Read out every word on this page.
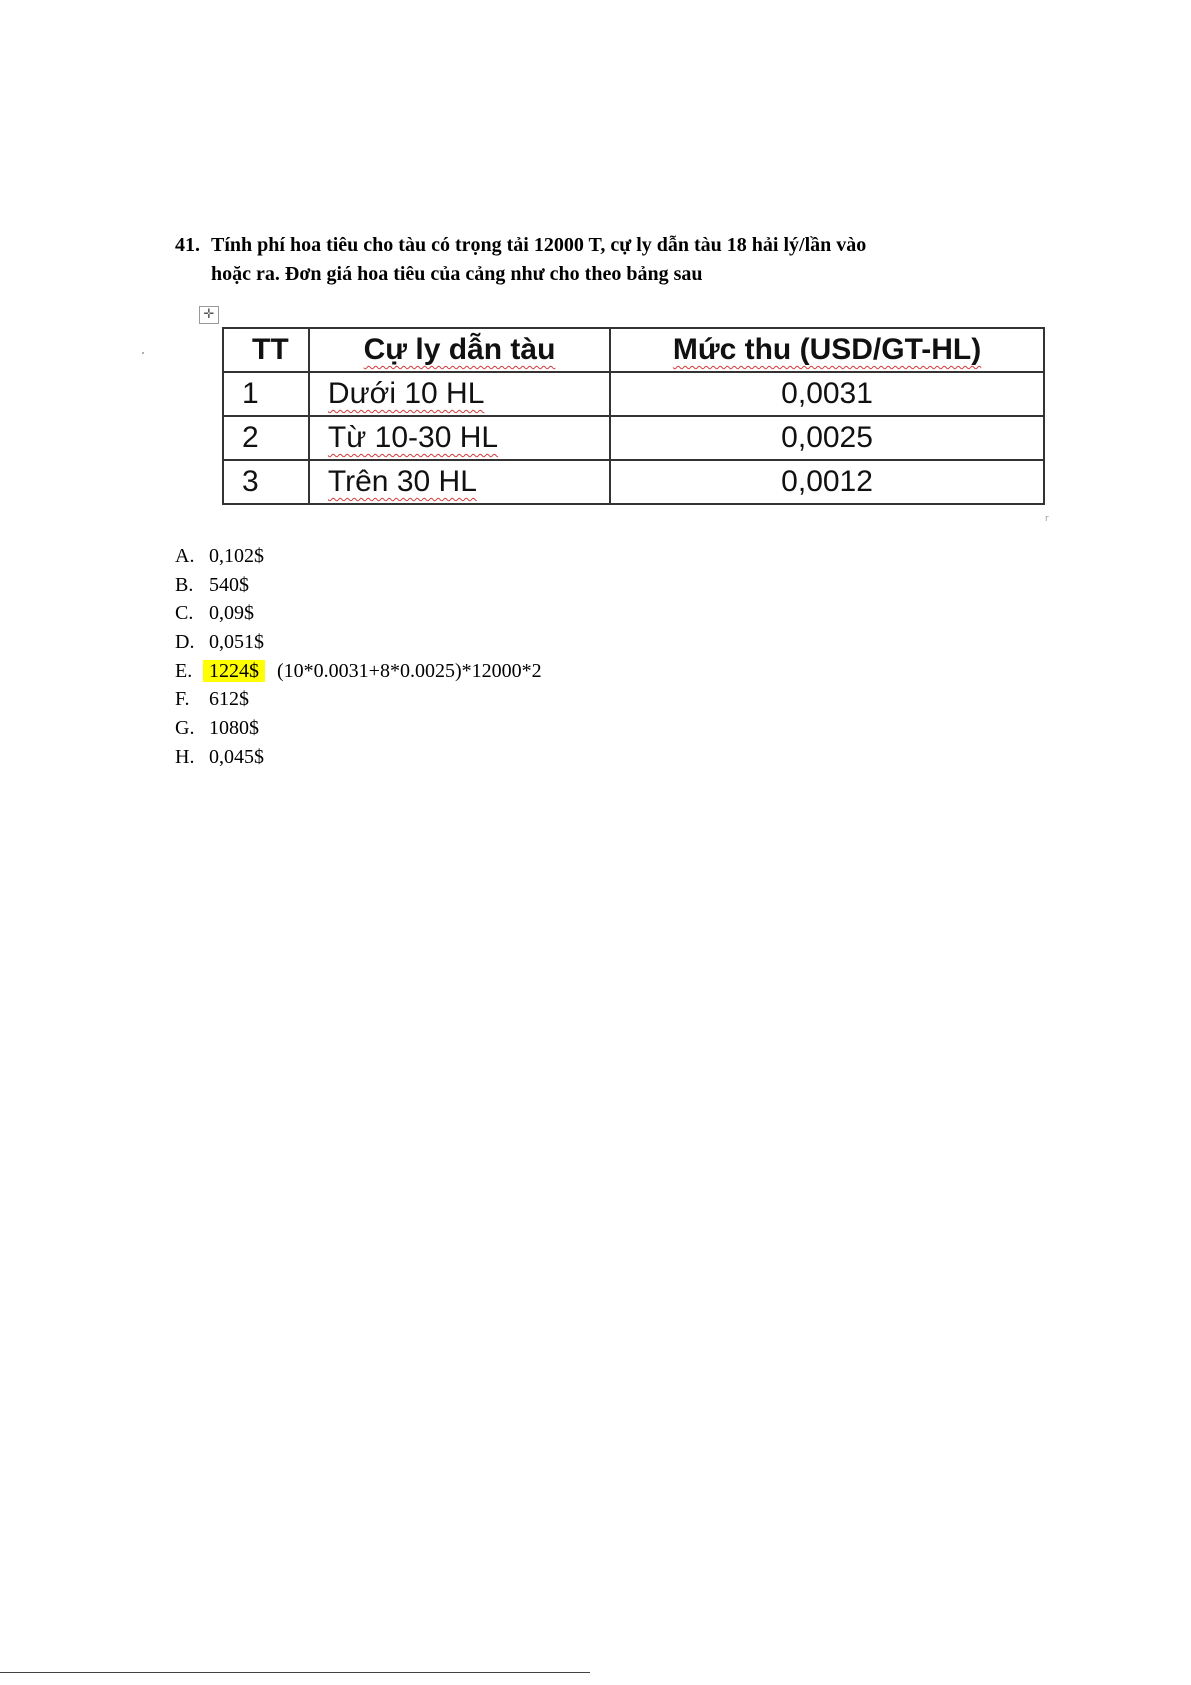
41. Tính phí hoa tiêu cho tàu có trọng tải 12000 T, cự ly dẫn tàu 18 hải lý/lần vào
hoặc ra. Đơn giá hoa tiêu của cảng như cho theo bảng sau
✛
TT	Cự ly dẫn tàu	Mức thu (USD/GT-HL)
1	Dưới 10 HL	0,0031
2	Từ 10-30 HL	0,0025
3	Trên 30 HL	0,0012
r
A. 0,102$
B. 540$
C. 0,09$
D. 0,051$
E. 1224$ (10*0.0031+8*0.0025)*12000*2
F. 612$
G. 1080$
H. 0,045$
